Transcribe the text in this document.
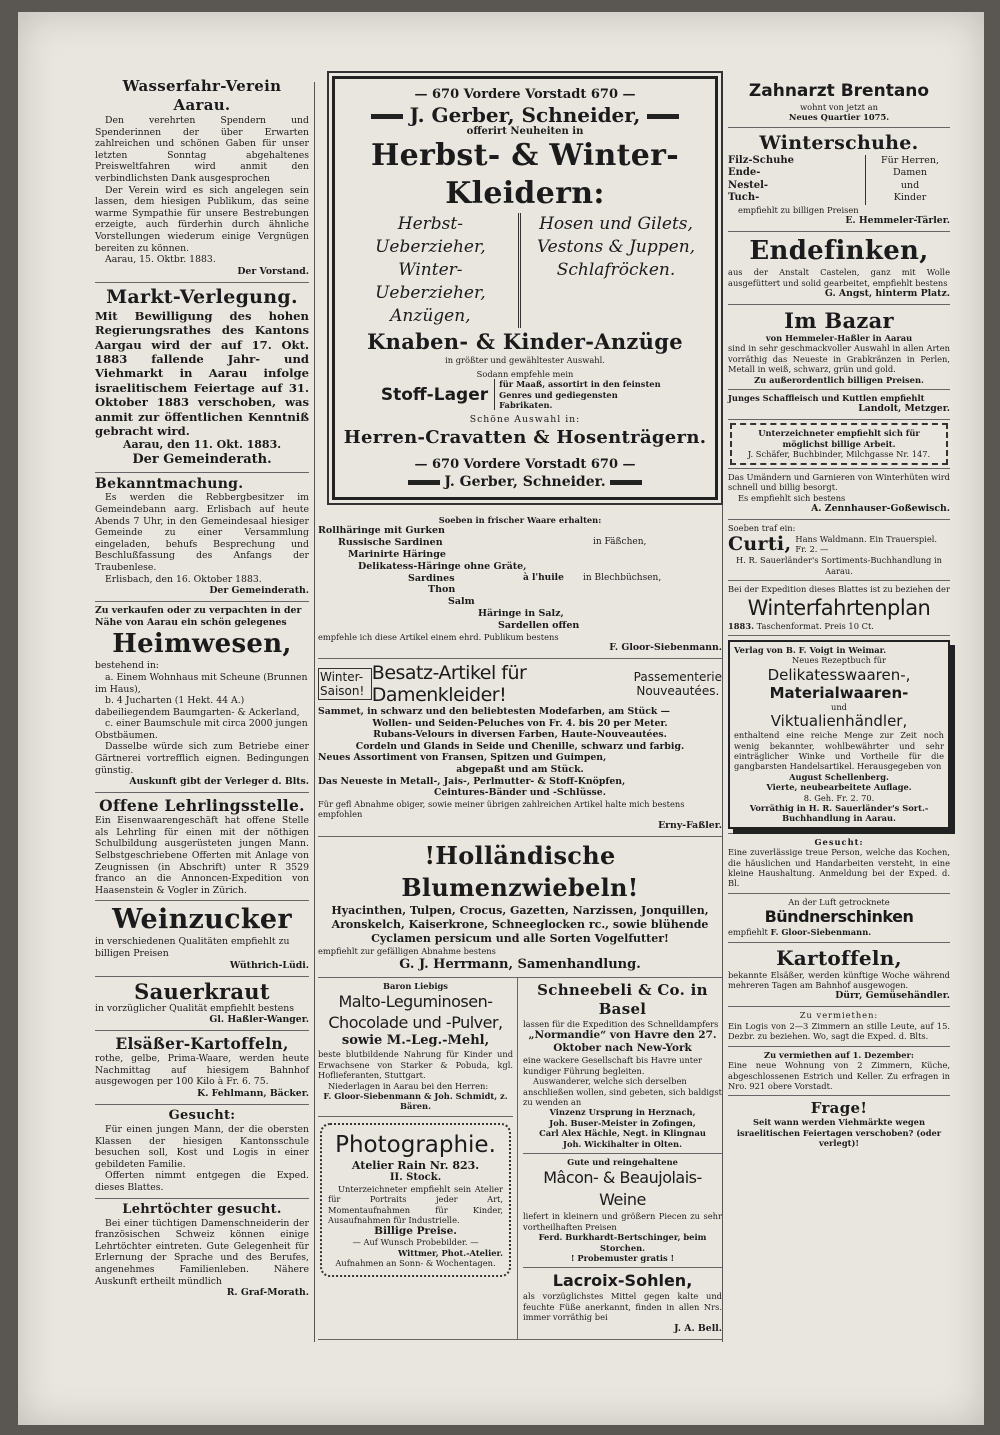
Wasserfahr-Verein Aarau.

Den verehrten Spendern und Spenderinnen der über Erwarten zahlreichen und schönen Gaben für unser letzten Sonntag abgehaltenes Preisweltfahren wird anmit den verbindlichsten Dank ausgesprochen

Der Verein wird es sich angelegen sein lassen, dem hiesigen Publikum, das seine warme Sympathie für unsere Bestrebungen erzeigte, auch fürderhin durch ähnliche Vorstellungen wiederum einige Vergnügen bereiten zu können.

Aarau, 15. Oktbr. 1883.

Der Vorstand.

Markt-Verlegung.

Mit Bewilligung des hohen Regierungsrathes des Kantons Aargau wird der auf 17. Okt. 1883 fallende Jahr- und Viehmarkt in Aarau infolge israelitischem Feiertage auf 31. Oktober 1883 verschoben, was anmit zur öffentlichen Kenntniß gebracht wird.

Aarau, den 11. Okt. 1883.

Der Gemeinderath.

Bekanntmachung.

Es werden die Rebbergbesitzer im Gemeindebann aarg. Erlisbach auf heute Abends 7 Uhr, in den Gemeindesaal hiesiger Gemeinde zu einer Versammlung eingeladen, behufs Besprechung und Beschlußfassung des Anfangs der Traubenlese.

Erlisbach, den 16. Oktober 1883.

Der Gemeinderath.

Zu verkaufen oder zu verpachten in der Nähe von Aarau ein schön gelegenes

Heimwesen,

bestehend in:

a. Einem Wohnhaus mit Scheune (Brunnen im Haus),

b. 4 Jucharten (1 Hekt. 44 A.) dabeiliegendem Baumgarten- & Ackerland,

c. einer Baumschule mit circa 2000 jungen Obstbäumen.

Dasselbe würde sich zum Betriebe einer Gärtnerei vortrefflich eignen. Bedingungen günstig.

Auskunft gibt der Verleger d. Blts.

Offene Lehrlingsstelle.

Ein Eisenwaarengeschäft hat offene Stelle als Lehrling für einen mit der nöthigen Schulbildung ausgerüsteten jungen Mann. Selbstgeschriebene Offerten mit Anlage von Zeugnissen (in Abschrift) unter R 3529 franco an die Annoncen-Expedition von Haasenstein & Vogler in Zürich.

Weinzucker

in verschiedenen Qualitäten empfiehlt zu billigen Preisen

Wüthrich-Lüdi.

Sauerkraut

in vorzüglicher Qualität empfiehlt bestens

Gl. Haßler-Wanger.

Elsäßer-Kartoffeln,

rothe, gelbe, Prima-Waare, werden heute Nachmittag auf hiesigem Bahnhof ausgewogen per 100 Kilo à Fr. 6. 75.

K. Fehlmann, Bäcker.

Gesucht:

Für einen jungen Mann, der die obersten Klassen der hiesigen Kantonsschule besuchen soll, Kost und Logis in einer gebildeten Familie.

Offerten nimmt entgegen die Exped. dieses Blattes.

Lehrtöchter gesucht.

Bei einer tüchtigen Damenschneiderin der französischen Schweiz können einige Lehrtöchter eintreten. Gute Gelegenheit für Erlernung der Sprache und des Berufes, angenehmes Familienleben. Nähere Auskunft ertheilt mündlich

R. Graf-Morath.

— 670 Vordere Vorstadt 670 —

J. Gerber, Schneider,

offerirt Neuheiten in

Herbst- & Winter-Kleidern:

Herbst-Ueberzieher,

Winter-Ueberzieher,

Anzügen,

Hosen und Gilets,

Vestons & Juppen,

Schlafröcken.

Knaben- & Kinder-Anzüge

in größter und gewähltester Auswahl.

Sodann empfehle mein

Stoff-Lager
für Maaß, assortirt in den feinsten Genres und gediegensten Fabrikaten.

Schöne Auswahl in:

Herren-Cravatten & Hosenträgern.

— 670 Vordere Vorstadt 670 —

J. Gerber, Schneider.

Soeben in frischer Waare erhalten:

Rollhäringe mit Gurken

Russische Sardinen

Marinirte Häringe

Delikatess-Häringe ohne Gräte,

Sardines

Thon

Salm

Häringe in Salz,

Sardellen offen

in Fäßchen,

à l'huile	in Blechbüchsen,

empfehle ich diese Artikel einem ehrd. Publikum bestens

F. Gloor-Siebenmann.

Winter-Saison!
Besatz-Artikel für Damenkleider!
Passementerie Nouveautées.

Sammet, in schwarz und den beliebtesten Modefarben, am Stück —

Wollen- und Seiden-Peluches von Fr. 4. bis 20 per Meter.

Rubans-Velours in diversen Farben, Haute-Nouveautées.

Cordeln und Glands in Seide und Chenille, schwarz und farbig.

Neues Assortiment von Fransen, Spitzen und Guimpen,

abgepaßt und am Stück.

Das Neueste in Metall-, Jais-, Perlmutter- & Stoff-Knöpfen,

Ceintures-Bänder und -Schlüsse.

Für gefl Abnahme obiger, sowie meiner übrigen zahlreichen Artikel halte mich bestens empfohlen

Erny-Faßler.

!Holländische Blumenzwiebeln!

Hyacinthen, Tulpen, Crocus, Gazetten, Narzissen, Jonquillen,

Aronskelch, Kaiserkrone, Schneeglocken rc., sowie blühende

Cyclamen persicum und alle Sorten Vogelfutter!

empfiehlt zur gefälligen Abnahme bestens

G. J. Herrmann, Samenhandlung.

Baron Liebigs

Malto-Leguminosen-Chocolade und -Pulver,

sowie M.-Leg.-Mehl,

beste blutbildende Nahrung für Kinder und Erwachsene von Starker & Pobuda, kgl. Hoflieferanten, Stuttgart.

Niederlagen in Aarau bei den Herren:

F. Gloor-Siebenmann & Joh. Schmidt, z. Bären.

Photographie.

Atelier Rain Nr. 823.

II. Stock.

Unterzeichneter empfiehlt sein Atelier für Portraits jeder Art, Momentaufnahmen für Kinder, Ausaufnahmen für Industrielle.

Billige Preise.

— Auf Wunsch Probebilder. —

Wittmer, Phot.-Atelier.

Aufnahmen an Sonn- & Wochentagen.

Schneebeli & Co. in Basel

lassen für die Expedition des Schnelldampfers

„Normandie“ von Havre den 27. Oktober nach New-York

eine wackere Gesellschaft bis Havre unter kundiger Führung begleiten.

Auswanderer, welche sich derselben anschließen wollen, sind gebeten, sich baldigst zu wenden an

Vinzenz Ursprung in Herznach,

Joh. Buser-Meister in Zofingen,

Carl Alex Hächle, Negt. in Klingnau

Joh. Wickihalter in Olten.

Gute und reingehaltene

Mâcon- & Beaujolais-Weine

liefert in kleinern und größern Piecen zu sehr vortheilhaften Preisen

Ferd. Burkhardt-Bertschinger, beim Storchen.

! Probemuster gratis !

Lacroix-Sohlen,

als vorzüglichstes Mittel gegen kalte und feuchte Füße anerkannt, finden in allen Nrs. immer vorräthig bei

J. A. Bell.

Zahnarzt Brentano

wohnt von jetzt an

Neues Quartier 1075.

Winterschuhe.

Filz-Schuhe

Ende-

Nestel-

Tuch-

Für Herren,

Damen

und

Kinder

empfiehlt zu billigen Preisen

E. Hemmeler-Tärler.

Endefinken,

aus der Anstalt Castelen, ganz mit Wolle ausgefüttert und solid gearbeitet, empfiehlt bestens

G. Angst, hinterm Platz.

Im Bazar

von Hemmeler-Haßler in Aarau

sind in sehr geschmackvoller Auswahl in allen Arten vorräthig das Neueste in Grabkränzen in Perlen, Metall in weiß, schwarz, grün und gold.

Zu außerordentlich billigen Preisen.

Junges Schaffleisch und Kuttlen empfiehlt

Landolt, Metzger.

Unterzeichneter empfiehlt sich für möglichst billige Arbeit.

J. Schäfer, Buchbinder, Milchgasse Nr. 147.

Das Umändern und Garnieren von Winterhüten wird schnell und billig besorgt.

Es empfiehlt sich bestens

A. Zennhauser-Goßewisch.

Soeben traf ein:

Curti, Hans Waldmann. Ein Trauerspiel. Fr. 2. —

H. R. Sauerländer's Sortiments-Buchhandlung in Aarau.

Bei der Expedition dieses Blattes ist zu beziehen der

Winterfahrtenplan

1883. Taschenformat. Preis 10 Ct.

Verlag von B. F. Voigt in Weimar.

Neues Rezeptbuch für

Delikatesswaaren-,

Materialwaaren-

und

Viktualienhändler,

enthaltend eine reiche Menge zur Zeit noch wenig bekannter, wohlbewährter und sehr einträglicher Winke und Vortheile für die gangbarsten Handelsartikel. Herausgegeben von

August Schellenberg.

Vierte, neubearbeitete Auflage.

8. Geh. Fr. 2. 70.

Vorräthig in H. R. Sauerländer's Sort.-Buchhandlung in Aarau.

Gesucht:

Eine zuverlässige treue Person, welche das Kochen, die häuslichen und Handarbeiten versteht, in eine kleine Haushaltung. Anmeldung bei der Exped. d. Bl.

An der Luft getrocknete

Bündnerschinken

empfiehlt F. Gloor-Siebenmann.

Kartoffeln,

bekannte Elsäßer, werden künftige Woche während mehreren Tagen am Bahnhof ausgewogen.

Dürr, Gemüsehändler.

Zu vermiethen:

Ein Logis von 2—3 Zimmern an stille Leute, auf 15. Dezbr. zu beziehen. Wo, sagt die Exped. d. Blts.

Zu vermiethen auf 1. Dezember:

Eine neue Wohnung von 2 Zimmern, Küche, abgeschlossenen Estrich und Keller. Zu erfragen in Nro. 921 obere Vorstadt.

Frage!

Seit wann werden Viehmärkte wegen israelitischen Feiertagen verschoben? (oder verlegt)!
